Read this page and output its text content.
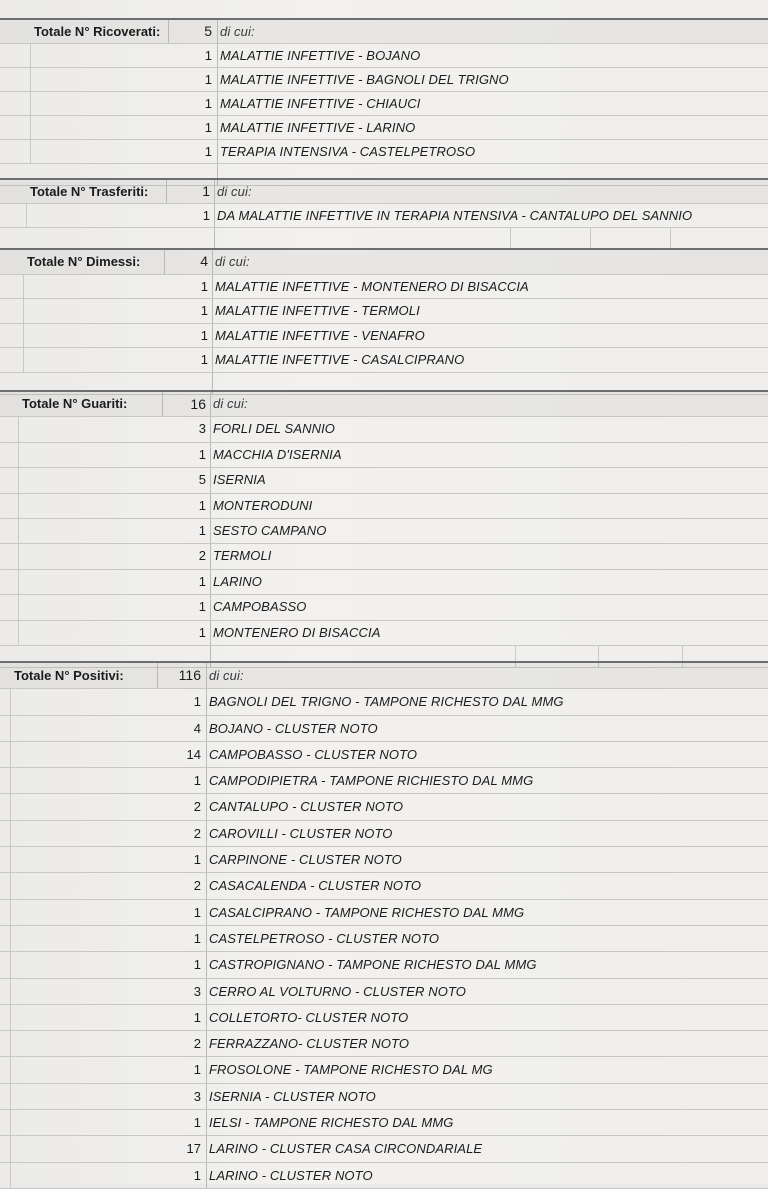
Totale N° Ricoverati:	5 di cui:
1 MALATTIE INFETTIVE - BOJANO
1 MALATTIE INFETTIVE - BAGNOLI DEL TRIGNO
1 MALATTIE INFETTIVE - CHIAUCI
1 MALATTIE INFETTIVE - LARINO
1 TERAPIA INTENSIVA - CASTELPETROSO
Totale N° Trasferiti:	1 di cui:
1 DA MALATTIE INFETTIVE IN TERAPIA NTENSIVA - CANTALUPO DEL SANNIO
Totale N° Dimessi:	4 di cui:
1 MALATTIE INFETTIVE - MONTENERO DI BISACCIA
1 MALATTIE INFETTIVE - TERMOLI
1 MALATTIE INFETTIVE - VENAFRO
1 MALATTIE INFETTIVE - CASALCIPRANO
Totale N° Guariti:	16 di cui:
3 FORLI DEL SANNIO
1 MACCHIA D'ISERNIA
5 ISERNIA
1 MONTERODUNI
1 SESTO CAMPANO
2 TERMOLI
1 LARINO
1 CAMPOBASSO
1 MONTENERO DI BISACCIA
Totale N° Positivi:	116 di cui:
1 BAGNOLI DEL TRIGNO - TAMPONE RICHESTO DAL MMG
4 BOJANO - CLUSTER NOTO
14 CAMPOBASSO - CLUSTER NOTO
1 CAMPODIPIETRA - TAMPONE RICHIESTO DAL MMG
2 CANTALUPO - CLUSTER NOTO
2 CAROVILLI - CLUSTER NOTO
1 CARPINONE - CLUSTER NOTO
2 CASACALENDA - CLUSTER NOTO
1 CASALCIPRANO - TAMPONE RICHESTO DAL MMG
1 CASTELPETROSO - CLUSTER NOTO
1 CASTROPIGNANO - TAMPONE RICHESTO DAL MMG
3 CERRO AL VOLTURNO - CLUSTER NOTO
1 COLLETORTO- CLUSTER NOTO
2 FERRAZZANO- CLUSTER NOTO
1 FROSOLONE - TAMPONE RICHESTO DAL MG
3 ISERNIA - CLUSTER NOTO
1 IELSI - TAMPONE RICHESTO DAL MMG
17 LARINO - CLUSTER CASA CIRCONDARIALE
1 LARINO - CLUSTER NOTO
